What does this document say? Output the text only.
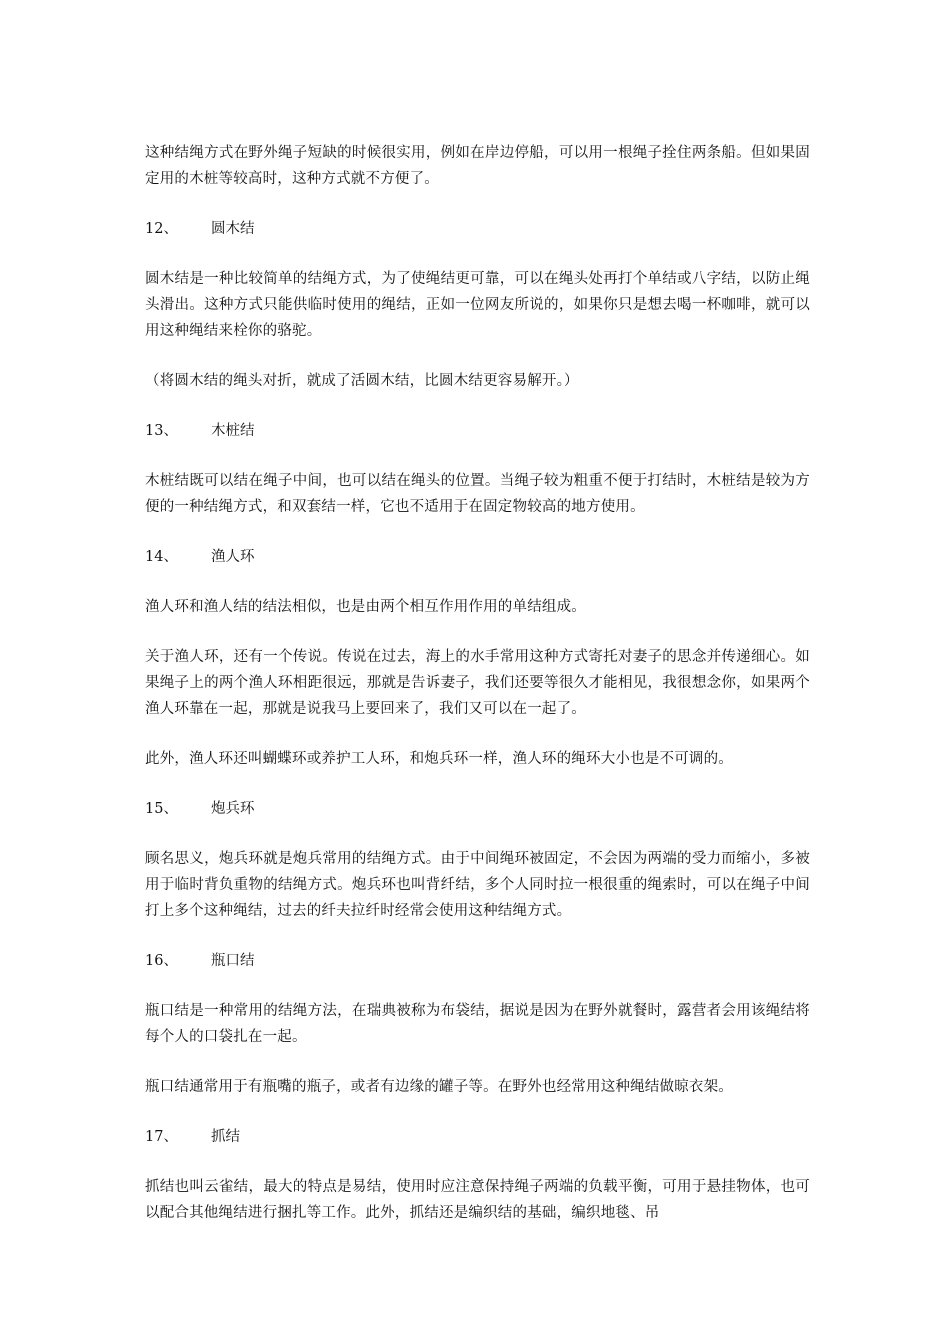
这种结绳方式在野外绳子短缺的时候很实用，例如在岸边停船，可以用一根绳子拴住两条船。但如果固定用的木桩等较高时，这种方式就不方便了。

12、	圆木结

圆木结是一种比较简单的结绳方式，为了使绳结更可靠，可以在绳头处再打个单结或八字结，以防止绳头滑出。这种方式只能供临时使用的绳结，正如一位网友所说的，如果你只是想去喝一杯咖啡，就可以用这种绳结来栓你的骆驼。

（将圆木结的绳头对折，就成了活圆木结，比圆木结更容易解开。）

13、	木桩结

木桩结既可以结在绳子中间，也可以结在绳头的位置。当绳子较为粗重不便于打结时，木桩结是较为方便的一种结绳方式，和双套结一样，它也不适用于在固定物较高的地方使用。

14、	渔人环

渔人环和渔人结的结法相似，也是由两个相互作用作用的单结组成。

关于渔人环，还有一个传说。传说在过去，海上的水手常用这种方式寄托对妻子的思念并传递细心。如果绳子上的两个渔人环相距很远，那就是告诉妻子，我们还要等很久才能相见，我很想念你，如果两个渔人环靠在一起，那就是说我马上要回来了，我们又可以在一起了。

此外，渔人环还叫蝴蝶环或养护工人环，和炮兵环一样，渔人环的绳环大小也是不可调的。

15、	炮兵环

顾名思义，炮兵环就是炮兵常用的结绳方式。由于中间绳环被固定，不会因为两端的受力而缩小，多被用于临时背负重物的结绳方式。炮兵环也叫背纤结，多个人同时拉一根很重的绳索时，可以在绳子中间打上多个这种绳结，过去的纤夫拉纤时经常会使用这种结绳方式。

16、	瓶口结

瓶口结是一种常用的结绳方法，在瑞典被称为布袋结，据说是因为在野外就餐时，露营者会用该绳结将每个人的口袋扎在一起。

瓶口结通常用于有瓶嘴的瓶子，或者有边缘的罐子等。在野外也经常用这种绳结做晾衣架。

17、	抓结

抓结也叫云雀结，最大的特点是易结，使用时应注意保持绳子两端的负载平衡，可用于悬挂物体，也可以配合其他绳结进行捆扎等工作。此外，抓结还是编织结的基础，编织地毯、吊
